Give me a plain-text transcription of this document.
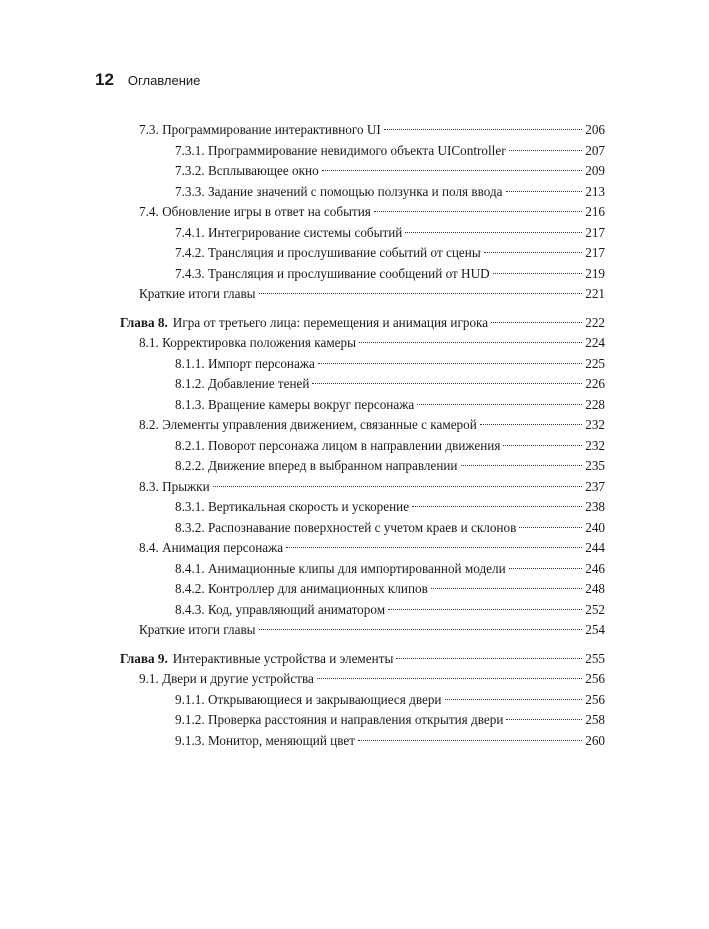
12 Оглавление
7.3. Программирование интерактивного UI	206
7.3.1. Программирование невидимого объекта UIController	207
7.3.2. Всплывающее окно	209
7.3.3. Задание значений с помощью ползунка и поля ввода	213
7.4. Обновление игры в ответ на события	216
7.4.1. Интегрирование системы событий	217
7.4.2. Трансляция и прослушивание событий от сцены	217
7.4.3. Трансляция и прослушивание сообщений от HUD	219
Краткие итоги главы	221
Глава 8. Игра от третьего лица: перемещения и анимация игрока	222
8.1. Корректировка положения камеры	224
8.1.1. Импорт персонажа	225
8.1.2. Добавление теней	226
8.1.3. Вращение камеры вокруг персонажа	228
8.2. Элементы управления движением, связанные с камерой	232
8.2.1. Поворот персонажа лицом в направлении движения	232
8.2.2. Движение вперед в выбранном направлении	235
8.3. Прыжки	237
8.3.1. Вертикальная скорость и ускорение	238
8.3.2. Распознавание поверхностей с учетом краев и склонов	240
8.4. Анимация персонажа	244
8.4.1. Анимационные клипы для импортированной модели	246
8.4.2. Контроллер для анимационных клипов	248
8.4.3. Код, управляющий аниматором	252
Краткие итоги главы	254
Глава 9. Интерактивные устройства и элементы	255
9.1. Двери и другие устройства	256
9.1.1. Открывающиеся и закрывающиеся двери	256
9.1.2. Проверка расстояния и направления открытия двери	258
9.1.3. Монитор, меняющий цвет	260
